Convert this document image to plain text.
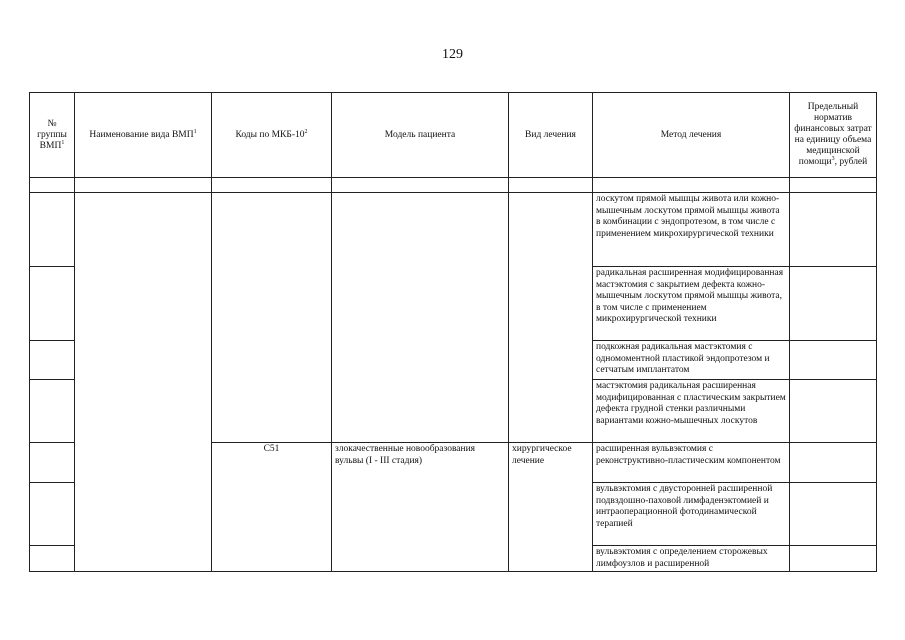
129
№ группы ВМП$^1$	Наименование вида ВМП$^1$	Коды по МКБ-$10^2$	Модель пациента	Вид лечения	Метод лечения	Предельный норматив финансовых затрат на единицу объема медицинской помощи$^3$, рублей

					лоскутом прямой мышцы живота или кожно-мышечным лоскутом прямой мышцы живота в комбинации с эндопротезом, в том числе с применением микрохирургической техники	
					радикальная расширенная модифицированная мастэктомия с закрытием дефекта кожно-мышечным лоскутом прямой мышцы живота, в том числе с применением микрохирургической техники	
					подкожная радикальная мастэктомия с одномоментной пластикой эндопротезом и сетчатым имплантатом	
					мастэктомия радикальная расширенная модифицированная с пластическим закрытием дефекта грудной стенки различными вариантами кожно-мышечных лоскутов	
		C51	злокачественные новообразования вульвы (I - III стадия)	хирургическое лечение	расширенная вульвэктомия с реконструктивно-пластическим компонентом	
					вульвэктомия с двусторонней расширенной подвздошно-паховой лимфаденэктомией и интраоперационной фотодинамической терапией	
					вульвэктомия с определением сторожевых лимфоузлов и расширенной	
